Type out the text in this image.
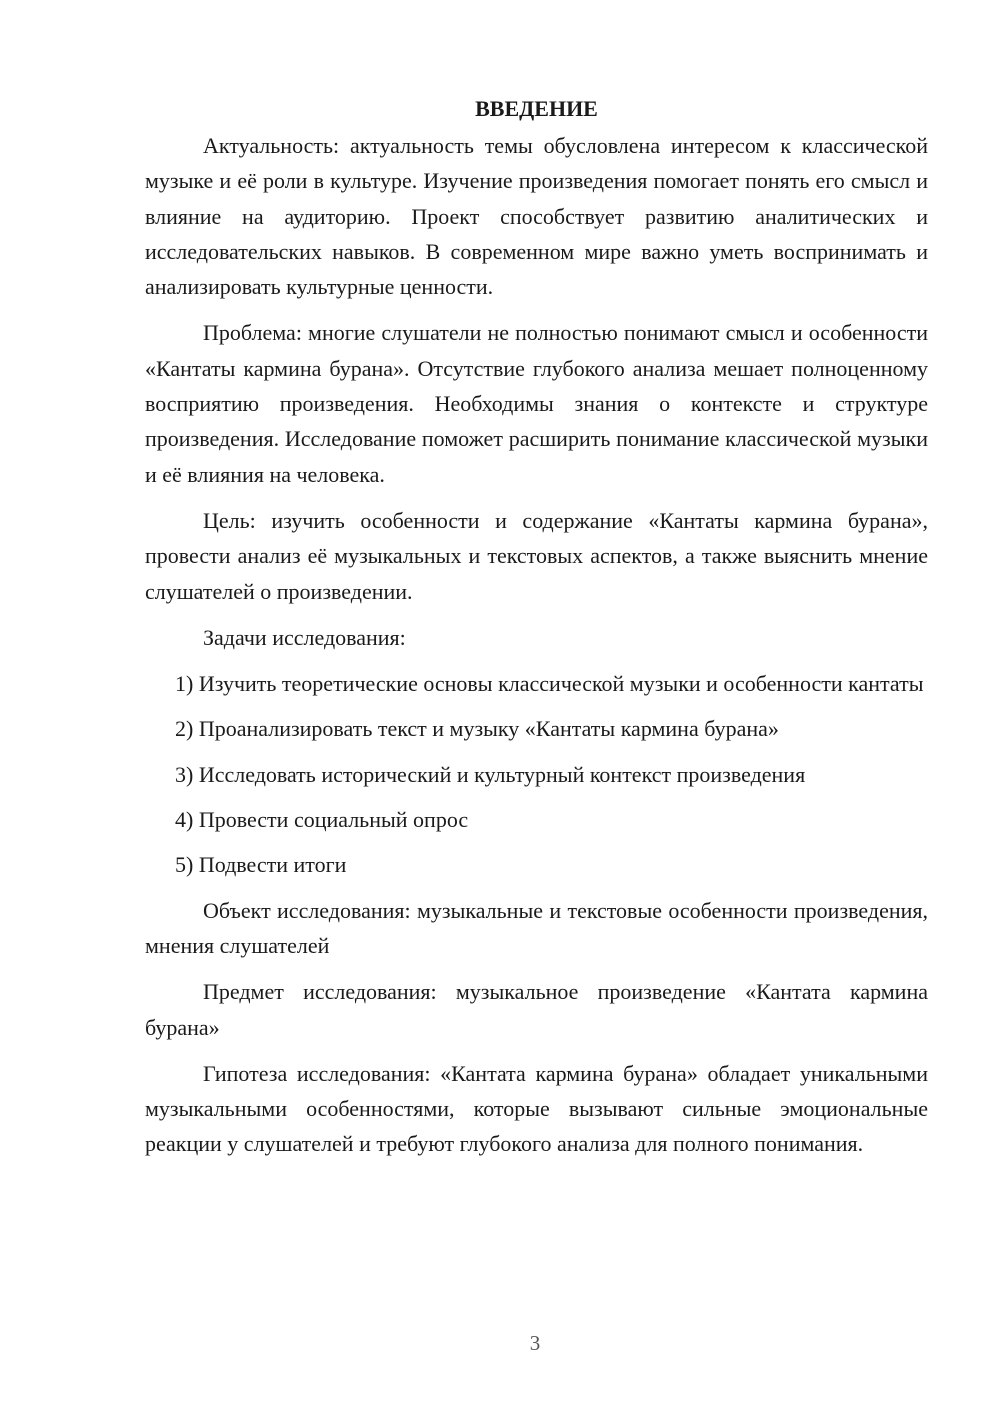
ВВЕДЕНИЕ

Актуальность: актуальность темы обусловлена интересом к классической музыке и её роли в культуре. Изучение произведения помогает понять его смысл и влияние на аудиторию. Проект способствует развитию аналитических и исследовательских навыков. В современном мире важно уметь воспринимать и анализировать культурные ценности.

Проблема: многие слушатели не полностью понимают смысл и особенности «Кантаты кармина бурана». Отсутствие глубокого анализа мешает полноценному восприятию произведения. Необходимы знания о контексте и структуре произведения. Исследование поможет расширить понимание классической музыки и её влияния на человека.

Цель: изучить особенности и содержание «Кантаты кармина бурана», провести анализ её музыкальных и текстовых аспектов, а также выяснить мнение слушателей о произведении.

Задачи исследования:

1) Изучить теоретические основы классической музыки и особенности кантаты

2) Проанализировать текст и музыку «Кантаты кармина бурана»

3) Исследовать исторический и культурный контекст произведения

4) Провести социальный опрос

5) Подвести итоги

Объект исследования: музыкальные и текстовые особенности произведения, мнения слушателей

Предмет исследования: музыкальное произведение «Кантата кармина бурана»

Гипотеза исследования: «Кантата кармина бурана» обладает уникальными музыкальными особенностями, которые вызывают сильные эмоциональные реакции у слушателей и требуют глубокого анализа для полного понимания.

3
